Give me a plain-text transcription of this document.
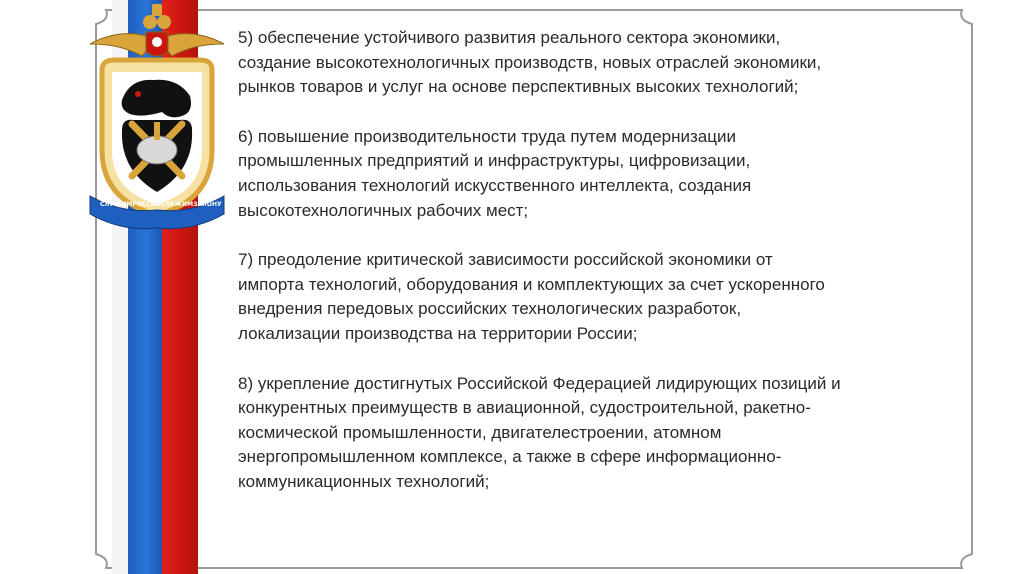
СЛУЖИМ РОССИИ СЛУЖИМ ЗАКОНУ

5) обеспечение устойчивого развития реального сектора экономики,
создание высокотехнологичных производств, новых отраслей экономики,
рынков товаров и услуг на основе перспективных высоких технологий;

6) повышение производительности труда путем модернизации
промышленных предприятий и инфраструктуры, цифровизации,
использования технологий искусственного интеллекта, создания
высокотехнологичных рабочих мест;

7) преодоление критической зависимости российской экономики от
импорта технологий, оборудования и комплектующих за счет ускоренного
внедрения передовых российских технологических разработок,
локализации производства на территории России;

8) укрепление достигнутых Российской Федерацией лидирующих позиций и
конкурентных преимуществ в авиационной, судостроительной, ракетно-
космической промышленности, двигателестроении, атомном
энергопромышленном комплексе, а также в сфере информационно-
коммуникационных технологий;
